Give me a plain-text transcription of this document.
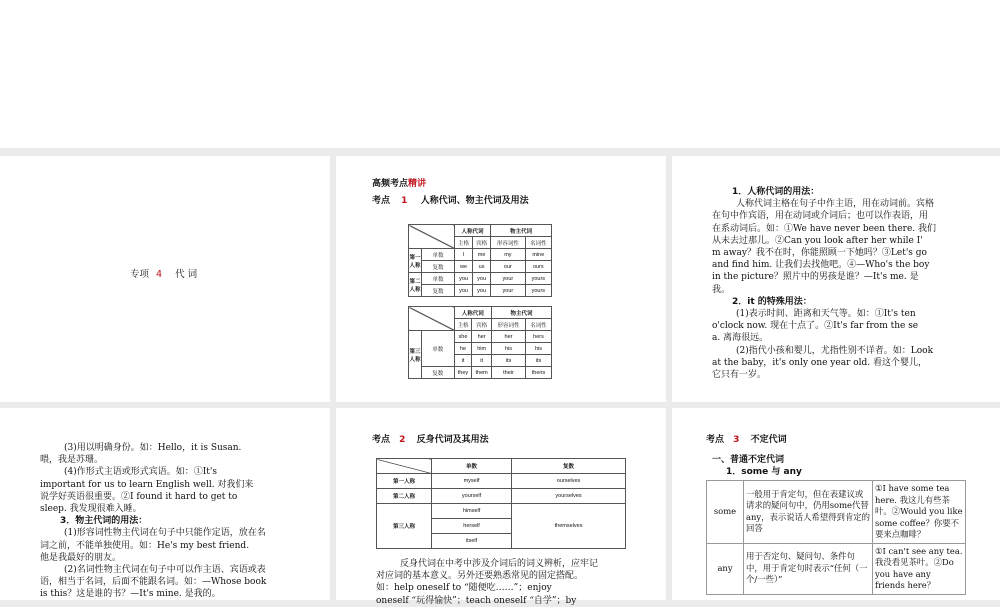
专项 4 代 词
高频考点精讲
考点 1 人称代词、物主代词及用法
		人称代词		物主代词	
		主格	宾格	形容词性	名词性
第一人称	单数	I	me	my	mine
	复数	we	us	our	ours
第二人称	单数	you	you	your	yours
	复数	you	you	your	yours
		人称代词		物主代词	
		主格	宾格	形容词性	名词性
第三人称	单数	she	her	her	hers
		he	him	his	his
		it	it	its	its
	复数	they	them	their	theirs

1．人称代词的用法：

人称代词主格在句子中作主语，用在动词前。宾格

在句中作宾语，用在动词或介词后；也可以作表语，用

在系动词后。如：①We have never been there. 我们

从未去过那儿。②Can you look after her while I'

m away？我不在时，你能照顾一下她吗？③Let's go

and find him. 让我们去找他吧。④—Who's the boy

in the picture？照片中的男孩是谁？—It's me. 是

我。

2．it 的特殊用法：

(1)表示时间、距离和天气等。如：①It's ten

o'clock now. 现在十点了。②It's far from the se

a. 离海很远。

(2)指代小孩和婴儿，尤指性别不详者。如：Look

at the baby，it's only one year old. 看这个婴儿，

它只有一岁。

(3)用以明确身份。如：Hello，it is Susan.

喂，我是苏珊。

(4)作形式主语或形式宾语。如：①It's

important for us to learn English well. 对我们来

说学好英语很重要。②I found it hard to get to

sleep. 我发现很难入睡。

3．物主代词的用法：

(1)形容词性物主代词在句子中只能作定语，放在名

词之前，不能单独使用。如：He's my best friend.

他是我最好的朋友。

(2)名词性物主代词在句子中可以作主语、宾语或表

语，相当于名词，后面不能跟名词。如：—Whose book

is this？这是谁的书？—It's mine. 是我的。

考点 2 反身代词及其用法
	单数	复数
第一人称	myself	ourselves
第二人称	yourself	yourselves
第三人称	himself	themselves
	herself	
	itself	

反身代词在中考中涉及介词后的词义辨析，应牢记

对应词的基本意义。另外还要熟悉常见的固定搭配。

如：help oneself to “随便吃……”；enjoy

oneself “玩得愉快”；teach oneself “自学”；by

考点 3 不定代词
一、普通不定代词
1．some 与 any
some	一般用于肯定句，但在表建议或请求的疑问句中，仍用some代替any，表示说话人希望得到肯定的回答	①I have some tea here. 我这儿有些茶叶。②Would you like some coffee？你要不要来点咖啡？
any	用于否定句、疑问句、条件句中，用于肯定句时表示“任何（一个/一些）”	①I can't see any tea. 我没看见茶叶。②Do you have any friends here？
